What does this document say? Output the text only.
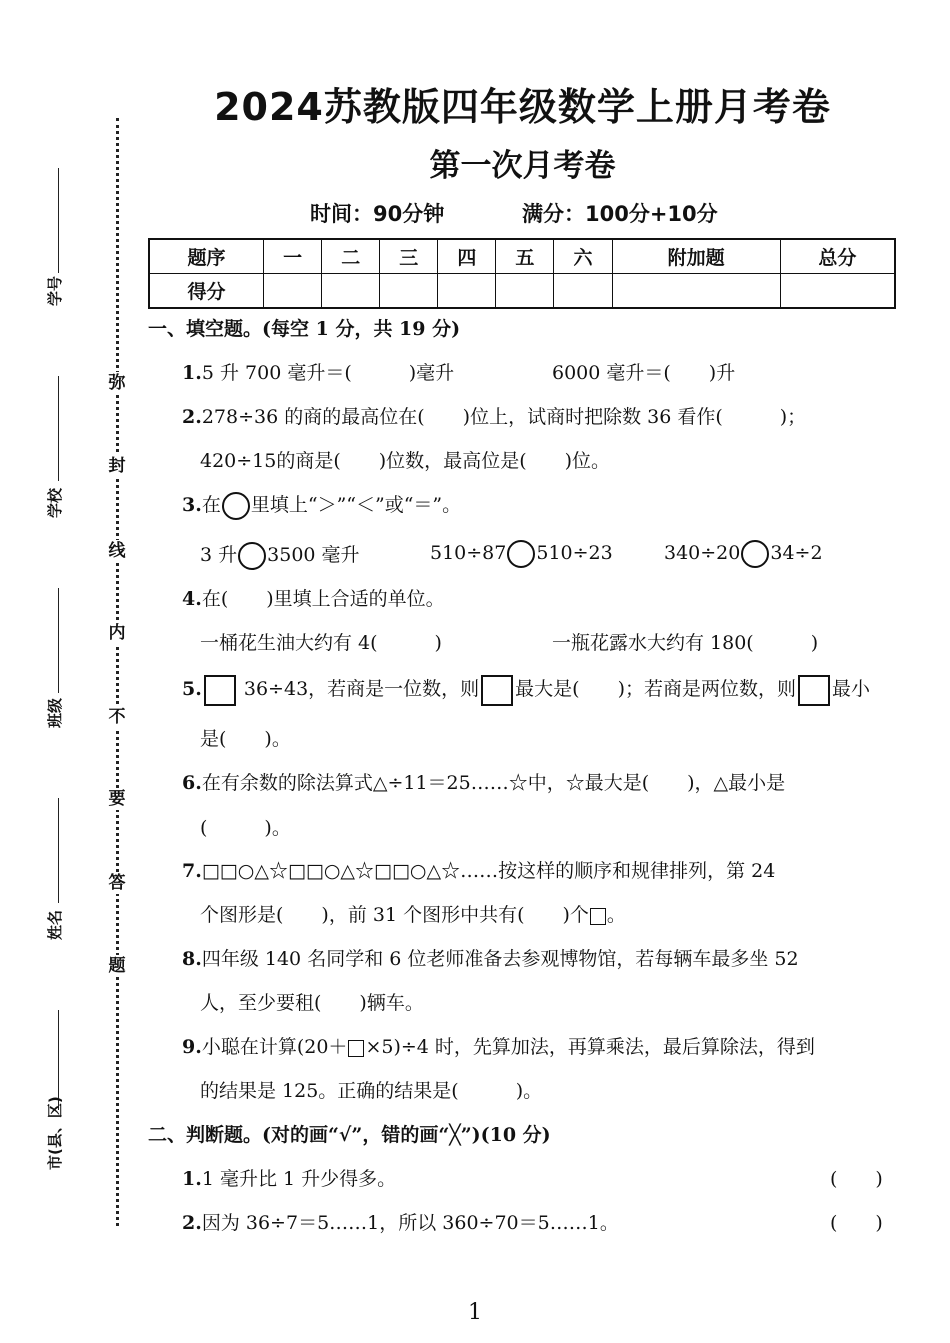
2024苏教版四年级数学上册月考卷
第一次月考卷
时间：90分钟	满分：100分+10分
题序	一	二	三	四	五	六	附加题	总分
得分								
学号
学校
班级
姓名
市(县、区)
弥
封
线
内
不
要
答
题
一、填空题。(每空 1 分，共 19 分)
1.5 升 700 毫升＝(　　　)毫升	6000 毫升＝(　　)升
2.278÷36 的商的最高位在(　　)位上，试商时把除数 36 看作(　　　)；
420÷15的商是(　　)位数，最高位是(　　)位。
3.在 里填上“＞”“＜”或“＝”。
3 升 3500 毫升	510÷87 510÷23	340÷20 34÷2
4.在(　　)里填上合适的单位。
一桶花生油大约有 4(　　　)	一瓶花露水大约有 180(　　　)
5. 36÷43，若商是一位数，则 最大是(　　)；若商是两位数，则 最小
是(　　)。
6.在有余数的除法算式△÷11＝25……☆中，☆最大是(　　)，△最小是
(　　　)。
7.□□○△☆□□○△☆□□○△☆……按这样的顺序和规律排列，第 24
个图形是(　　)，前 31 个图形中共有(　　)个 。
8.四年级 140 名同学和 6 位老师准备去参观博物馆，若每辆车最多坐 52
人，至少要租(　　)辆车。
9.小聪在计算(20＋ ×5)÷4 时，先算加法，再算乘法，最后算除法，得到
的结果是 125。正确的结果是(　　　)。
二、判断题。(对的画“√”，错的画“╳”)(10 分)
1.1 毫升比 1 升少得多。	(　　)
2.因为 36÷7＝5……1，所以 360÷70＝5……1。	(　　)
1
